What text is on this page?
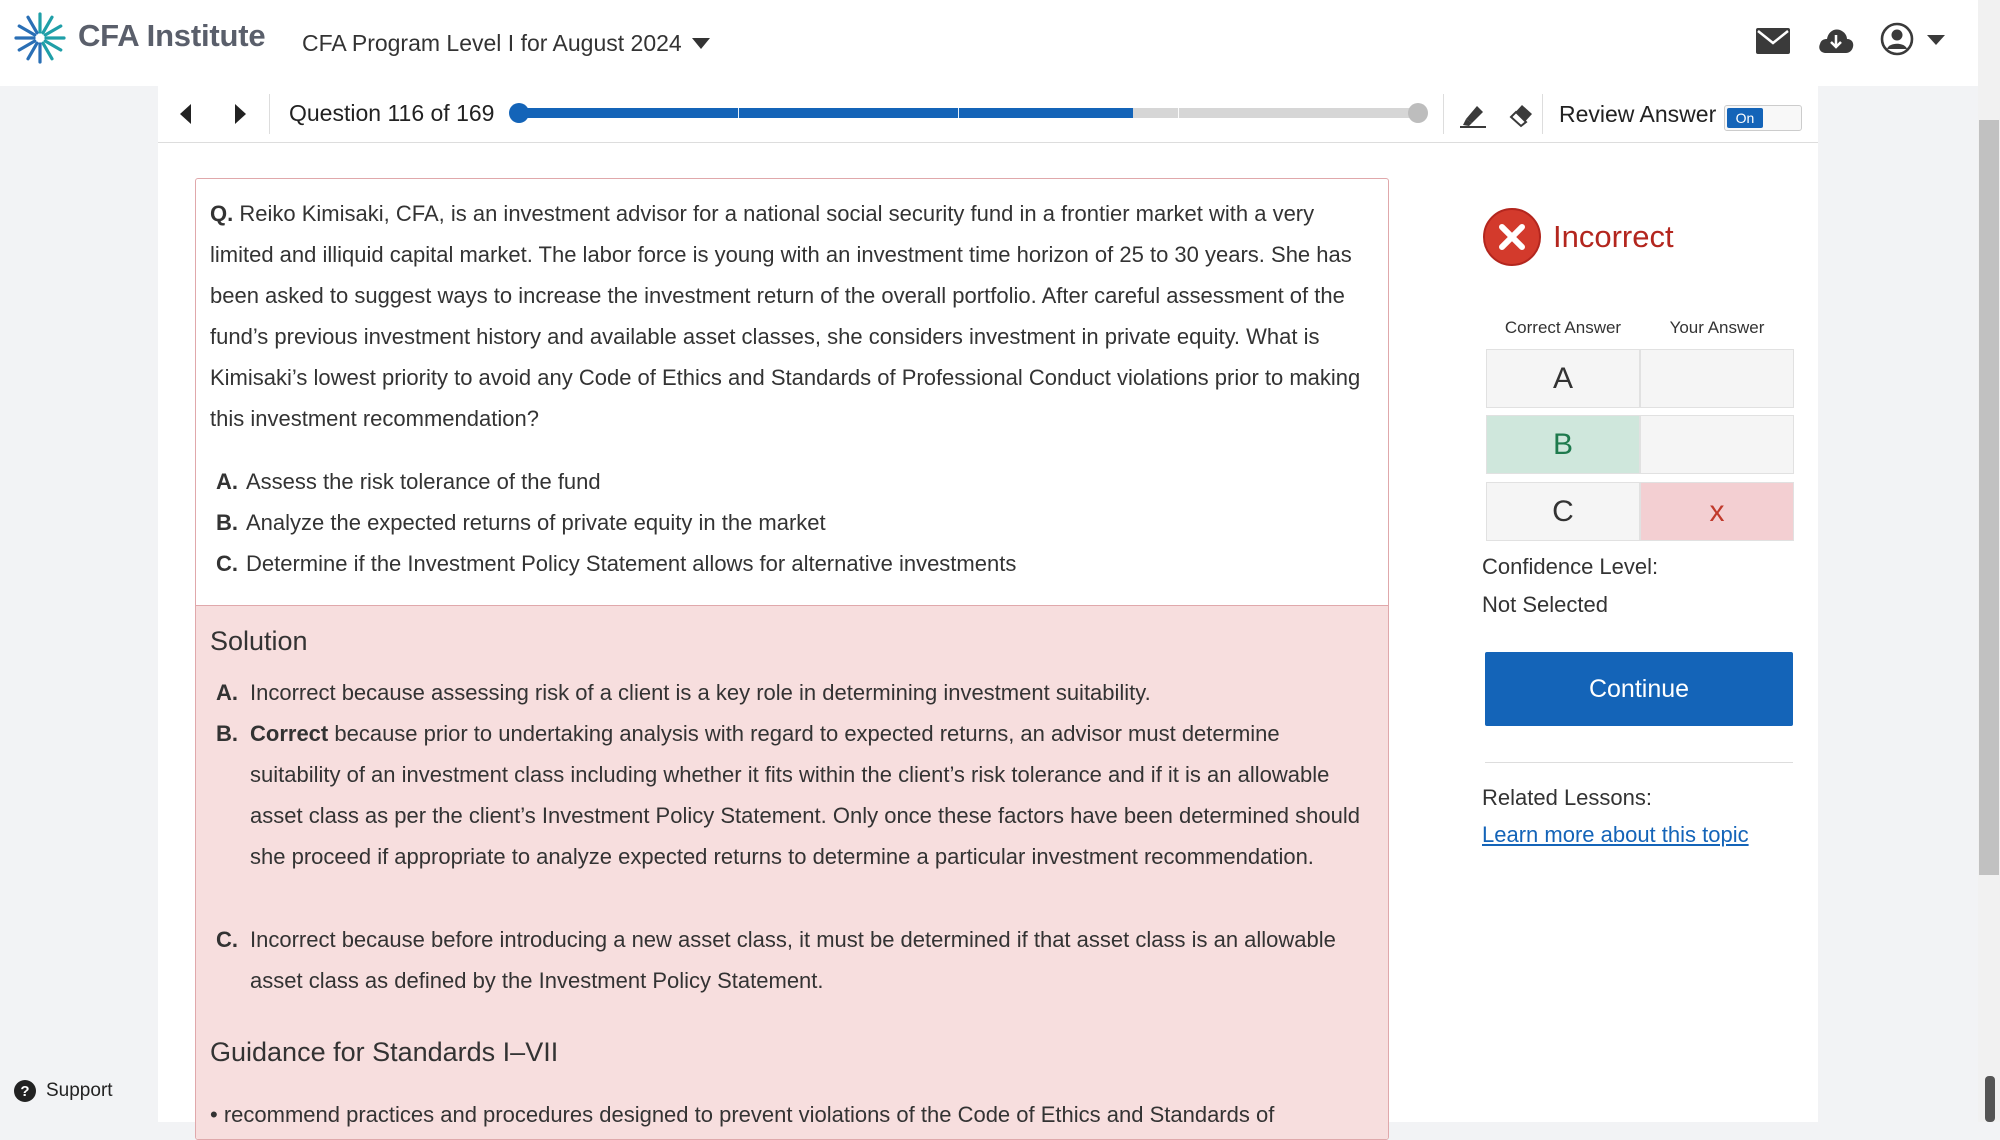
CFA Institute CFA Program Level I for August 2024
Question 116 of 169	Review Answer	On
Q. Reiko Kimisaki, CFA, is an investment advisor for a national social security fund in a frontier market with a very limited and illiquid capital market. The labor force is young with an investment time horizon of 25 to 30 years. She has been asked to suggest ways to increase the investment return of the overall portfolio. After careful assessment of the fund’s previous investment history and available asset classes, she considers investment in private equity. What is Kimisaki’s lowest priority to avoid any Code of Ethics and Standards of Professional Conduct violations prior to making this investment recommendation?
A. Assess the risk tolerance of the fund
B. Analyze the expected returns of private equity in the market
C. Determine if the Investment Policy Statement allows for alternative investments
Solution
A. Incorrect because assessing risk of a client is a key role in determining investment suitability.
B. Correct because prior to undertaking analysis with regard to expected returns, an advisor must determine suitability of an investment class including whether it fits within the client’s risk tolerance and if it is an allowable asset class as per the client’s Investment Policy Statement. Only once these factors have been determined should she proceed if appropriate to analyze expected returns to determine a particular investment recommendation.
C. Incorrect because before introducing a new asset class, it must be determined if that asset class is an allowable asset class as defined by the Investment Policy Statement.
Guidance for Standards I–VII
• recommend practices and procedures designed to prevent violations of the Code of Ethics and Standards of
Incorrect
Correct Answer	Your Answer
A
B
C	x
Confidence Level:
Not Selected
Continue
Related Lessons:
Learn more about this topic
? Support
